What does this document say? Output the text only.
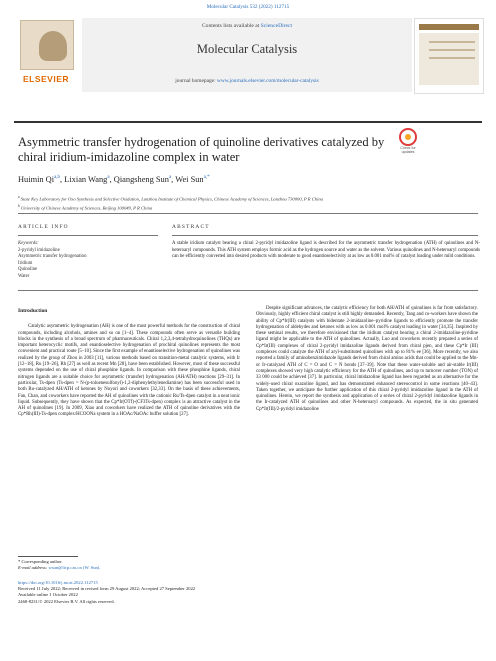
Molecular Catalysis 532 (2022) 112715
ELSEVIER
Contents lists available at ScienceDirect
Molecular Catalysis
journal homepage: www.journals.elsevier.com/molecular-catalysis
Asymmetric transfer hydrogenation of quinoline derivatives catalyzed by
chiral iridium-imidazoline complex in water
Check for updates
Huimin Qi$^{a,b}$, Lixian Wang$^a$, Qiangsheng Sun$^a$, Wei Sun$^{a,*}$
$^a$ State Key Laboratory for Oxo Synthesis and Selective Oxidation, Lanzhou Institute of Chemical Physics, Chinese Academy of Sciences, Lanzhou 730000, P R China
$^b$ University of Chinese Academy of Sciences, Beijing 100049, P R China
ARTICLE INFO	ABSTRACT
Keywords:
2-pyridyl imidazoline
Asymmetric transfer hydrogenation
Iridium
Quinoline
Water
A stable iridium catalyst bearing a chiral 2-pyridyl imidazoline ligand is described for the asymmetric transfer hydrogenation (ATH) of quinolines and N-heteroaryl compounds. This ATH system employs formic acid as the hydrogen source and water as the solvent. Various quinolines and N-heteroaryl compounds can be efficiently converted into desired products with moderate to good enantioselectivity at as low as 0.001 mol% of catalyst loading under mild conditions.
Introduction

Catalytic asymmetric hydrogenation (AH) is one of the most powerful methods for the construction of chiral compounds, including alcohols, amines and so on [1–4]. These compounds often serve as versatile building blocks in the synthesis of a broad spectrum of pharmaceuticals. Chiral 1,2,3,4-tetrahydroquinolines (THQs) are important heterocyclic motifs, and enantioselective hydrogenation of prochiral quinolines represents the most convenient and practical route [5–10]. Since the first example of enantioselective hydrogenation of quinolines was realized by the group of Zhou in 2003 [11], various methods based on transition-metal catalytic systems, with Ir [12–18], Ru [19–26], Rh [27] as well as recent Mn [28], have been established. However, most of these successful systems depended on the use of chiral phosphine ligands. In comparison with these phosphine ligands, chiral nitrogen ligands are a suitable choice for asymmetric (transfer) hydrogenation (AH/ATH) reactions [29–31]. In particular, Ts-dpen (Ts-dpen = N-(p-toluenesulfonyl)-1,2-diphenylethylenediamine) has been successful used in both Ru-catalyzed AH/ATH of ketones by Noyori and coworkers [32,33]. On the basis of these achievements, Fan, Chan, and coworkers have reported the AH of quinolines with the cationic Ru/Ts-dpen catalyst in a neat ionic liquid. Subsequently, they have shown that the Cp*Ir(OTf)-(CF3Ts-dpen) complex is an attractive catalyst in the AH of quinolines [19]. In 2009, Xiao and coworkers have realized the ATH of quinoline derivatives with the Cp*Rh(III)-Ts-dpen complex/HCOONa system in a HOAc/NaOAc buffer solution [27].

Despite significant advances, the catalytic efficiency for both AH/ATH of quinolines is far from satisfactory. Obviously, highly efficient chiral catalyst is still highly demanded. Recently, Tang and co-workers have shown the ability of Cp*Ir(III) catalysts with bidentate 2-imidazoline–pyridine ligands to efficiently promote the transfer hydrogenation of aldehydes and ketones with as low as 0.001 mol% catalyst loading in water [34,35]. Inspired by these seminal results, we therefore envisioned that the iridium catalyst bearing a chiral 2-imidazoline-pyridine ligand might be applicable to the ATH of quinolines. Actually, Luo and coworkers recently prepared a series of Cp*Ir(III) complexes of chiral 2-pyridyl imidazoline ligands derived from chiral pjen, and these Cp*Ir (III) complexes could catalyze the ATH of aryl-substituted quinolines with up to 81% ee [36]. More recently, we also reported a family of aminobenzimidazole ligands derived from chiral amino acids that could be applied to the Mn- or Ir-catalyzed ATH of C = O and C = N bonds [37–39]. Note that these water-soluble and air-stable Ir(III) complexes showed very high catalytic efficiency for the ATH of quinolines, and up to turnover number (TON) of 33 000 could be achieved [37]. In particular, chiral imidazoline ligand has been regarded as an alternative for the widely-used chiral oxazoline ligand, and has demonstrated enhanced stereocontrol in some reactions [40–43]. Taken together, we anticipate the further application of this chiral 2-pyridyl imidazoline ligand in the ATH of quinolines. Herein, we report the synthesis and application of a series of chiral 2-pyridyl imidazoline ligands in the Ir-catalyzed ATH of quinolines and other N-heteroaryl compounds. As expected, the in situ generated Cp*Ir(III)/2-pyridyl imidazoline

* Corresponding author.
E-mail address: wsun@licp.cas.cn (W. Sun).
https://doi.org/10.1016/j.mcat.2022.112715
Received 11 July 2022; Received in revised form 29 August 2022; Accepted 27 September 2022
Available online 1 October 2022
2468-8231/© 2022 Elsevier B.V. All rights reserved.
